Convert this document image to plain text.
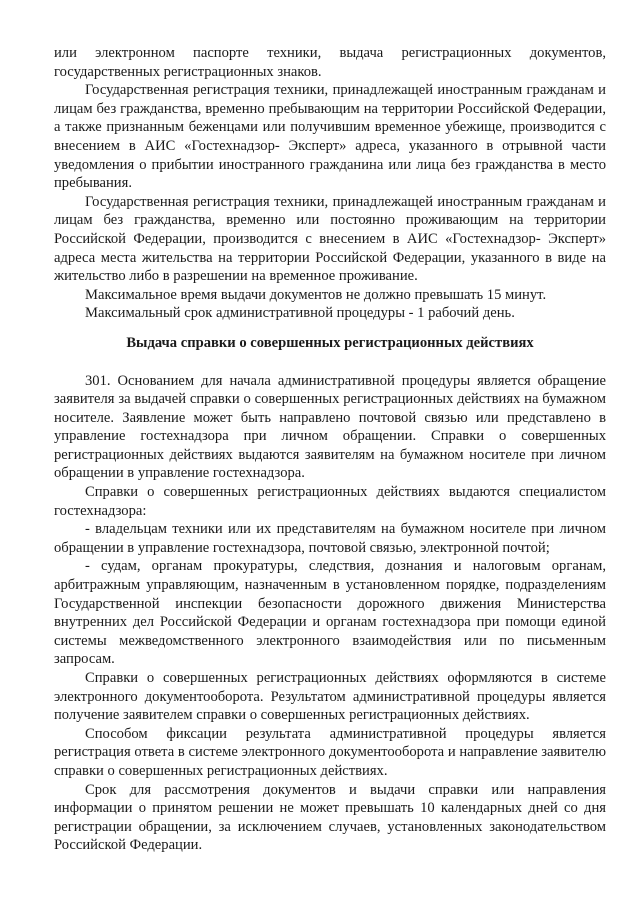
или электронном паспорте техники, выдача регистрационных документов, государственных регистрационных знаков.

Государственная регистрация техники, принадлежащей иностранным гражданам и лицам без гражданства, временно пребывающим на территории Российской Федерации, а также признанным беженцами или получившим временное убежище, производится с внесением в АИС «Гостехнадзор- Эксперт» адреса, указанного в отрывной части уведомления о прибытии иностранного гражданина или лица без гражданства в место пребывания.

Государственная регистрация техники, принадлежащей иностранным гражданам и лицам без гражданства, временно или постоянно проживающим на территории Российской Федерации, производится с внесением в АИС «Гостехнадзор- Эксперт» адреса места жительства на территории Российской Федерации, указанного в виде на жительство либо в разрешении на временное проживание.

Максимальное время выдачи документов не должно превышать 15 минут.

Максимальный срок административной процедуры - 1 рабочий день.

Выдача справки о совершенных регистрационных действиях

301. Основанием для начала административной процедуры является обращение заявителя за выдачей справки о совершенных регистрационных действиях на бумажном носителе. Заявление может быть направлено почтовой связью или представлено в управление гостехнадзора при личном обращении. Справки о совершенных регистрационных действиях выдаются заявителям на бумажном носителе при личном обращении в управление гостехнадзора.

Справки о совершенных регистрационных действиях выдаются специалистом гостехнадзора:

- владельцам техники или их представителям на бумажном носителе при личном обращении в управление гостехнадзора, почтовой связью, электронной почтой;

- судам, органам прокуратуры, следствия, дознания и налоговым органам, арбитражным управляющим, назначенным в установленном порядке, подразделениям Государственной инспекции безопасности дорожного движения Министерства внутренних дел Российской Федерации и органам гостехнадзора при помощи единой системы межведомственного электронного взаимодействия или по письменным запросам.

Справки о совершенных регистрационных действиях оформляются в системе электронного документооборота. Результатом административной процедуры является получение заявителем справки о совершенных регистрационных действиях.

Способом фиксации результата административной процедуры является регистрация ответа в системе электронного документооборота и направление заявителю справки о совершенных регистрационных действиях.

Срок для рассмотрения документов и выдачи справки или направления информации о принятом решении не может превышать 10 календарных дней со дня регистрации обращении, за исключением случаев, установленных законодательством Российской Федерации.
